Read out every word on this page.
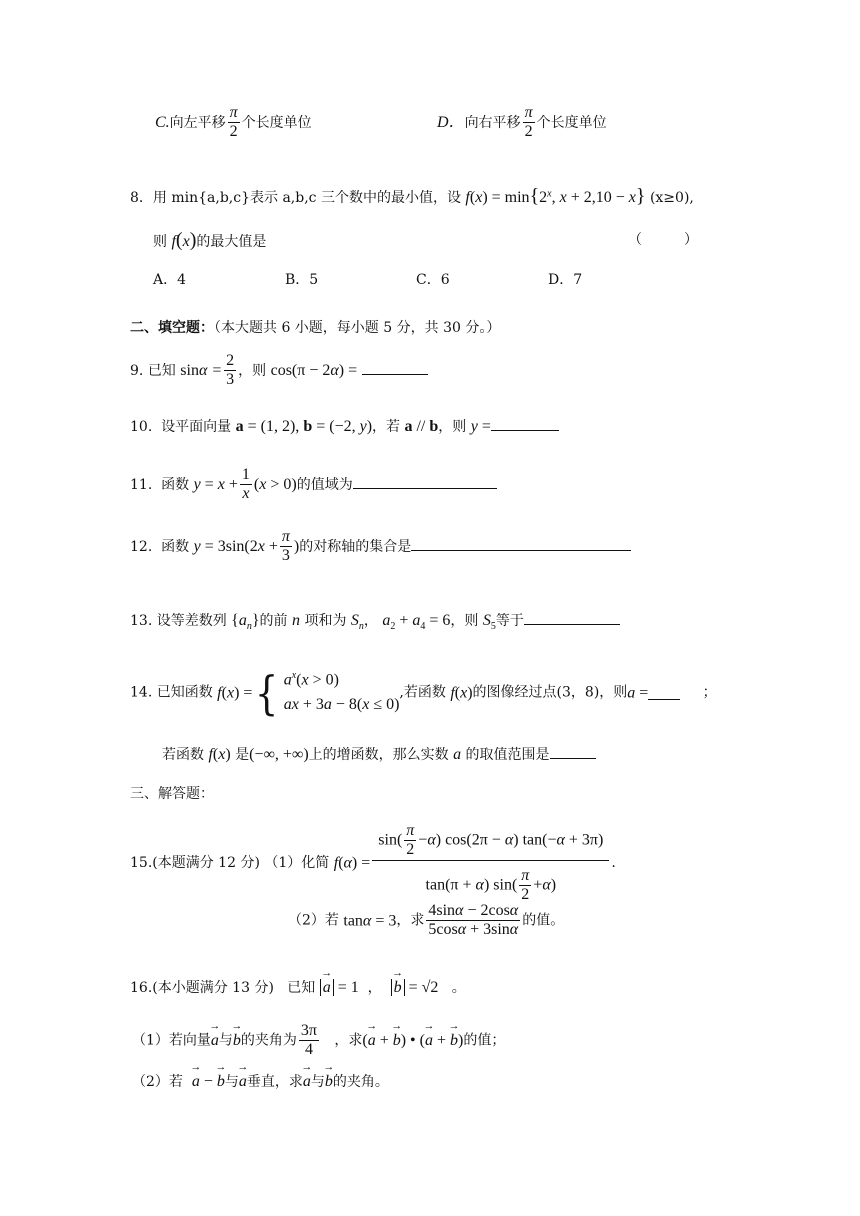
C.向左平移 $\frac{\pi}{2}$ 个长度单位	D．向右平移 $\frac{\pi}{2}$ 个长度单位
8．用 min{a,b,c}表示 a,b,c 三个数中的最小值，设 $f(x) = \min\{2^x$, x + 2,10 − x} (x≥0),
则 f(x)的最大值是	（　　　）
A．4	B．5	C．6	D．7
二、填空题：（本大题共 6 小题，每小题 5 分，共 30 分。）
9. 已知 $\sin\alpha = \frac{2}{3}$ ，则 cos(π − 2α) =
10. 设平面向量 a = (1, 2), b = (−2, y)，若 a // b，则 y =
11. 函数 $y = x + \frac{1}{x} (x > 0)$的值域为
12. 函数 $y = 3\sin(2x + \frac{\pi}{3}$ )的对称轴的集合是
13. 设等差数列 $\{a_n\}$的前 n 项和为 $S_n$， $a_2 + a_4 = 6$，则 $S_5$等于
14. 已知函数 f(x) ={ $a^x(x > 0)$
ax + 3a − 8(x ≤ 0)
,若函数 f(x)的图像经过点(3，8)，则a =	；
若函数 f(x) 是(−∞, +∞)上的增函数，那么实数 a 的取值范围是
三、解答题：
15.(本题满分 12 分) （1）化简 $f(\alpha) = \frac{\sin( \frac{\pi}{2} -\alpha) \cos(2\pi - \alpha) \tan(-\alpha + 3\pi)}{\tan(\pi + \alpha) \sin( \frac{\pi}{2} +\alpha)}$ .
（2）若 tanα = 3，求 $\frac{4\sin\alpha - 2\cos\alpha}{5\cos\alpha + 3\sin\alpha}$ 的值。
16.(本小题满分 13 分) 已知 → a = 1 ， → b = √2 。
（1）若向量→ a与→ b的夹角为 $\frac{3\pi}{4}$ ，求(→ a + → b) • (→ a + → b)的值；
（2）若 → a − → b与→ a垂直，求→ a与→ b的夹角。
